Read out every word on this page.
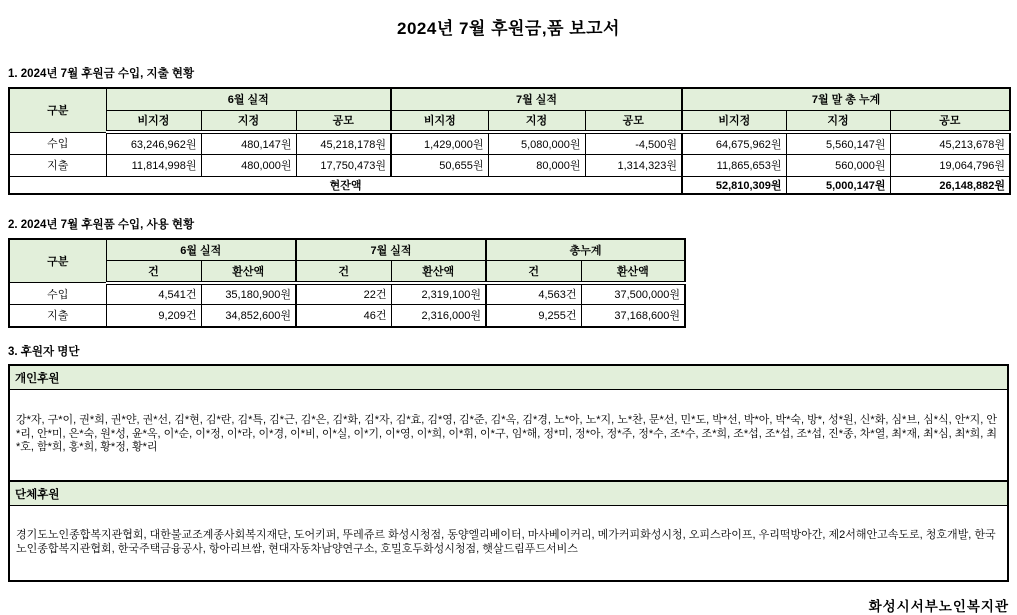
2024년 7월 후원금,품 보고서
1. 2024년 7월 후원금 수입, 지출 현황
구분	6월 실적			7월 실적			7월 말 총 누계		
	비지정	지정	공모	비지정	지정	공모	비지정	지정	공모
수입	63,246,962원	480,147원	45,218,178원	1,429,000원	5,080,000원	-4,500원	64,675,962원	5,560,147원	45,213,678원
지출	11,814,998원	480,000원	17,750,473원	50,655원	80,000원	1,314,323원	11,865,653원	560,000원	19,064,796원
현잔액							52,810,309원	5,000,147원	26,148,882원
2. 2024년 7월 후원품 수입, 사용 현황
구분	6월 실적		7월 실적		총누계	
	건	환산액	건	환산액	건	환산액
수입	4,541건	35,180,900원	22건	2,319,100원	4,563건	37,500,000원
지출	9,209건	34,852,600원	46건	2,316,000원	9,255건	37,168,600원
3. 후원자 명단
개인후원
강*자, 구*이, 권*희, 권*얀, 권*선, 김*현, 김*란, 김*특, 김*근, 김*은, 김*화, 김*자, 김*효, 김*영, 김*준, 김*옥, 김*경, 노*아, 노*지, 노*찬, 문*선, 민*도, 박*선, 박*아, 박*숙, 방*, 성*원, 신*화, 심*브, 심*식, 안*지, 안*리, 안*미, 은*숙, 원*성, 윤*옥, 이*순, 이*정, 이*라, 이*경, 이*비, 이*실, 이*기, 이*영, 이*희, 이*휘, 이*구, 임*해, 정*미, 정*아, 정*주, 정*수, 조*수, 조*희, 조*섭, 조*섭, 조*섭, 진*종, 차*열, 최*재, 최*심, 최*희, 최*호, 함*희, 홍*희, 황*정, 황*리
단체후원
경기도노인종합복지관협회, 대한불교조계종사회복지재단, 도어키퍼, 뚜레쥬르 화성시청점, 동양엘리베이터, 마사베이커리, 메가커피화성시청, 오피스라이프, 우리떡방아간, 제2서해안고속도로, 청호개발, 한국노인종합복지관협회, 한국주택금융공사, 항아리브쌈, 현대자동차남양연구소, 호밀호두화성시청점, 햇살드림푸드서비스
화성시서부노인복지관
